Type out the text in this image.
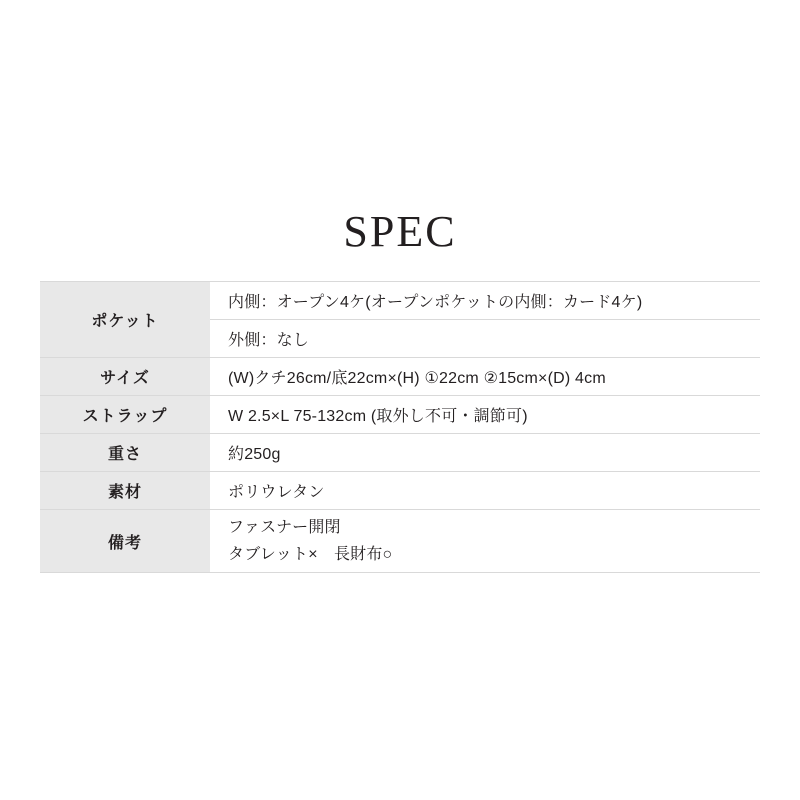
SPEC
ポケット	内側：オープン4ケ(オープンポケットの内側：カード4ケ)
	外側：なし
サイズ	(W)クチ26cm/底22cm×(H) ①22cm ②15cm×(D) 4cm
ストラップ	W 2.5×L 75-132cm (取外し不可・調節可)
重さ	約250g
素材	ポリウレタン
備考	ファスナー開閉
タブレット×　長財布○
